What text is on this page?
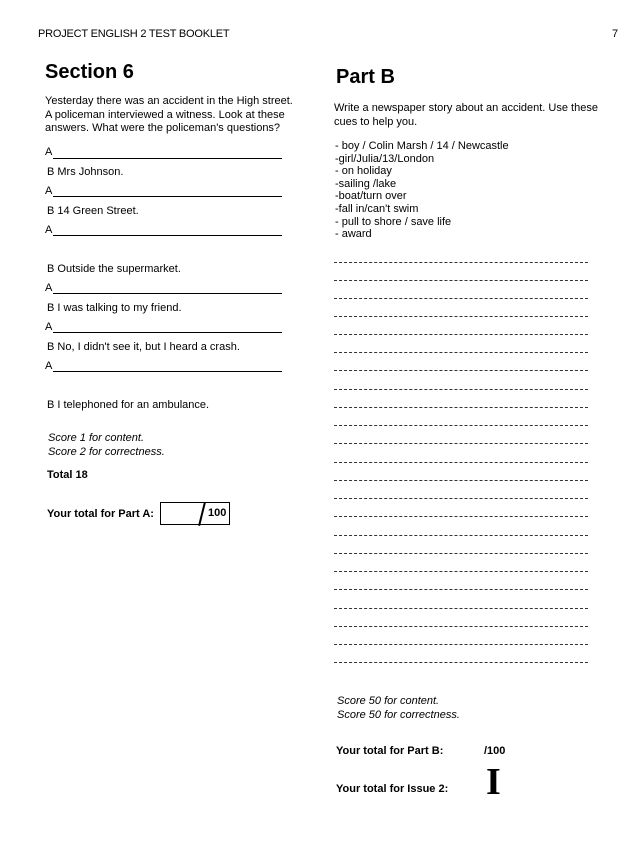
PROJECT ENGLISH 2 TEST BOOKLET	7
Section 6
Yesterday there was an accident in the High street.
A policeman interviewed a witness. Look at these
answers. What were the policeman's questions?
A
B Mrs Johnson.
A
B 14 Green Street.
A
B Outside the supermarket.
A
B I was talking to my friend.
A
B No, I didn't see it, but I heard a crash.
A
B I telephoned for an ambulance.
Score 1 for content.
Score 2 for correctness.
Total 18
Your total for Part A:	100
Part B
Write a newspaper story about an accident. Use these
cues to help you.
- boy / Colin Marsh / 14 / Newcastle
-girl/Julia/13/London
- on holiday
-sailing /lake
-boat/turn over
-fall in/can't swim
- pull to shore / save life
- award
Score 50 for content.
Score 50 for correctness.
Your total for Part B:	/100
Your total for Issue 2: I
